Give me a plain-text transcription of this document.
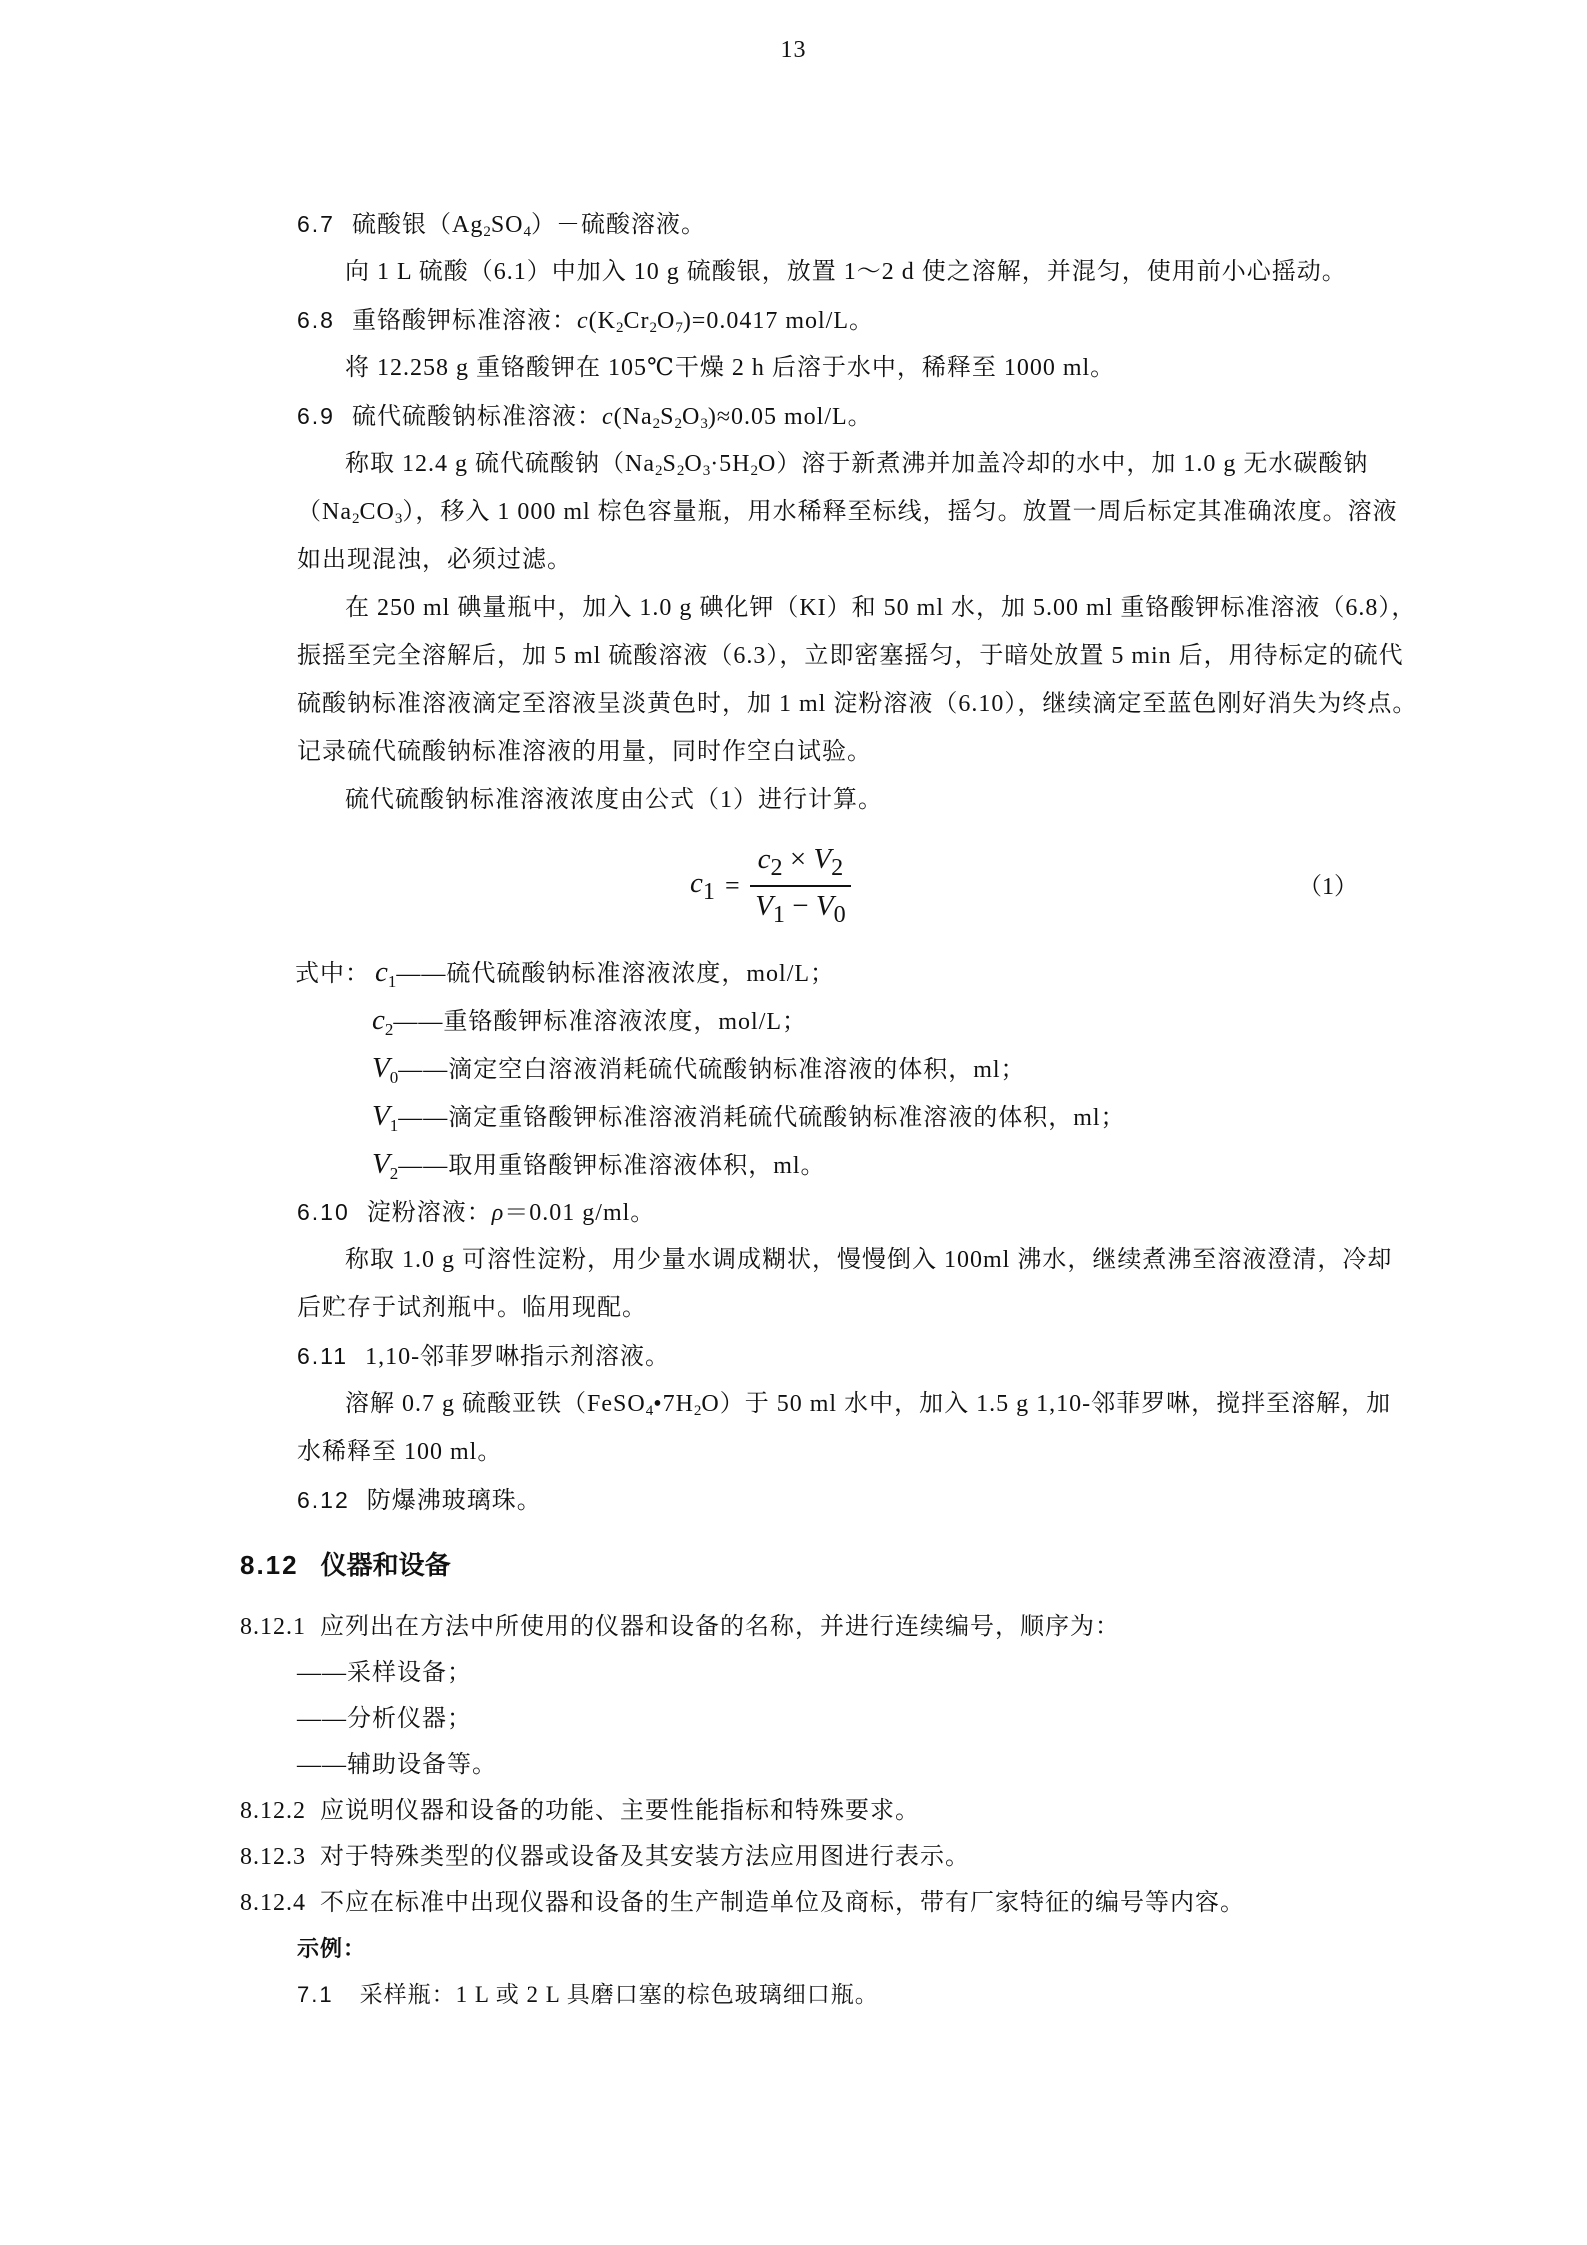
6.7 硫酸银$(Ag_2SO_4)-$硫酸溶液。
向 1 L 硫酸（6.1）中加入 10 g 硫酸银，放置 1～2 d 使之溶解，并混匀，使用前小心摇动。
6.8 重铬酸钾标准溶液：$c(K_2Cr_2O_7)=0.0417$ mol/L。
将 12.258 g 重铬酸钾在 105℃干燥 2 h 后溶于水中，稀释至 1000 ml。
6.9 硫代硫酸钠标准溶液：$c(Na_2S_2O_3)\approx 0.05$ mol/L。
称取 12.4 g 硫代硫酸钠$(Na_2S_2O_3\cdot 5H_2O)$溶于新煮沸并加盖冷却的水中，加 1.0 g 无水碳酸钠
$(Na_2CO_3)$，移入 1 000 ml 棕色容量瓶，用水稀释至标线，摇匀。放置一周后标定其准确浓度。溶液
如出现混浊，必须过滤。
在 250 ml 碘量瓶中，加入 1.0 g 碘化钾（KI）和 50 ml 水，加 5.00 ml 重铬酸钾标准溶液（6.8），
振摇至完全溶解后，加 5 ml 硫酸溶液（6.3），立即密塞摇匀，于暗处放置 5 min 后，用待标定的硫代
硫酸钠标准溶液滴定至溶液呈淡黄色时，加 1 ml 淀粉溶液（6.10），继续滴定至蓝色刚好消失为终点。
记录硫代硫酸钠标准溶液的用量，同时作空白试验。
硫代硫酸钠标准溶液浓度由公式（1）进行计算。
$c_1 = \frac{c_2 \times V_2}{V_1 - V_0}$	（1）
式中： $c_1——$硫代硫酸钠标准溶液浓度，mol/L；
$c_2——$重铬酸钾标准溶液浓度，mol/L；
$V_0——$滴定空白溶液消耗硫代硫酸钠标准溶液的体积，ml；
$V_1——$滴定重铬酸钾标准溶液消耗硫代硫酸钠标准溶液的体积，ml；
$V_2——$取用重铬酸钾标准溶液体积，ml。
6.10 淀粉溶液：ρ＝0.01 g/ml。
称取 1.0 g 可溶性淀粉，用少量水调成糊状，慢慢倒入 100ml 沸水，继续煮沸至溶液澄清，冷却
后贮存于试剂瓶中。临用现配。
6.11 1,10-邻菲罗啉指示剂溶液。
溶解 0.7 g 硫酸亚铁$(FeSO_4•7H_2O)$于 50 ml 水中，加入 1.5 g 1,10-邻菲罗啉，搅拌至溶解，加
水稀释至 100 ml。
6.12 防爆沸玻璃珠。
8.12 仪器和设备
8.12.1 应列出在方法中所使用的仪器和设备的名称，并进行连续编号，顺序为：
——采样设备；
——分析仪器；
——辅助设备等。
8.12.2 应说明仪器和设备的功能、主要性能指标和特殊要求。
8.12.3 对于特殊类型的仪器或设备及其安装方法应用图进行表示。
8.12.4 不应在标准中出现仪器和设备的生产制造单位及商标，带有厂家特征的编号等内容。
示例：
7.1 采样瓶：1 L 或 2 L 具磨口塞的棕色玻璃细口瓶。
13
